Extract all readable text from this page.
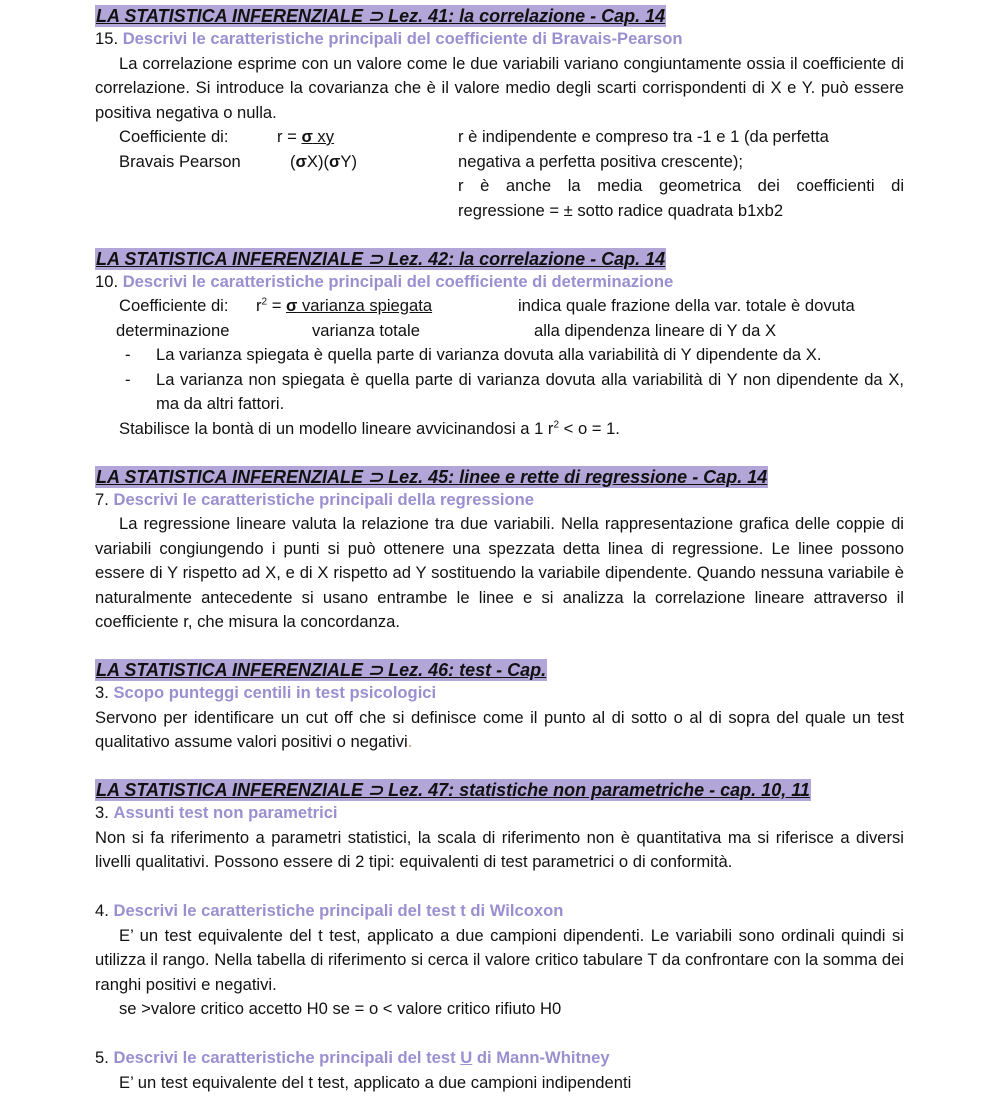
LA STATISTICA INFERENZIALE ⊃ Lez. 41: la correlazione - Cap. 14

15. Descrivi le caratteristiche principali del coefficiente di Bravais-Pearson

La correlazione esprime con un valore come le due variabili variano congiuntamente ossia il coefficiente di correlazione. Si introduce la covarianza che è il valore medio degli scarti corrispondenti di X e Y. può essere positiva negativa o nulla.

Coefficiente di:
Bravais Pearson
r = σ xy
(σX)(σY)
r è indipendente e compreso tra -1 e 1 (da perfetta
negativa a perfetta positiva crescente);
r è anche la media geometrica dei coefficienti di
regressione = ± sotto radice quadrata b1xb2
LA STATISTICA INFERENZIALE ⊃ Lez. 42: la correlazione - Cap. 14

10. Descrivi le caratteristiche principali del coefficiente di determinazione

Coefficiente di:
determinazione
$r^2 = \sigma$ varianza spiegata
varianza totale
indica quale frazione della var. totale è dovuta
alla dipendenza lineare di Y da X
- La varianza spiegata è quella parte di varianza dovuta alla variabilità di Y dipendente da X.
- La varianza non spiegata è quella parte di varianza dovuta alla variabilità di Y non dipendente da X, ma da altri fattori.

Stabilisce la bontà di un modello lineare avvicinandosi a 1 $r^2 < o = 1$.

LA STATISTICA INFERENZIALE ⊃ Lez. 45: linee e rette di regressione - Cap. 14

7. Descrivi le caratteristiche principali della regressione

La regressione lineare valuta la relazione tra due variabili. Nella rappresentazione grafica delle coppie di variabili congiungendo i punti si può ottenere una spezzata detta linea di regressione. Le linee possono essere di Y rispetto ad X, e di X rispetto ad Y sostituendo la variabile dipendente. Quando nessuna variabile è naturalmente antecedente si usano entrambe le linee e si analizza la correlazione lineare attraverso il coefficiente r, che misura la concordanza.

LA STATISTICA INFERENZIALE ⊃ Lez. 46: test - Cap.

3. Scopo punteggi centili in test psicologici

Servono per identificare un cut off che si definisce come il punto al di sotto o al di sopra del quale un test qualitativo assume valori positivi o negativi.

LA STATISTICA INFERENZIALE ⊃ Lez. 47: statistiche non parametriche - cap. 10, 11

3. Assunti test non parametrici

Non si fa riferimento a parametri statistici, la scala di riferimento non è quantitativa ma si riferisce a diversi livelli qualitativi. Possono essere di 2 tipi: equivalenti di test parametrici o di conformità.

4. Descrivi le caratteristiche principali del test t di Wilcoxon

E’ un test equivalente del t test, applicato a due campioni dipendenti. Le variabili sono ordinali quindi si utilizza il rango. Nella tabella di riferimento si cerca il valore critico tabulare T da confrontare con la somma dei ranghi positivi e negativi.

se >valore critico accetto H0 se = o < valore critico rifiuto H0

5. Descrivi le caratteristiche principali del test U di Mann-Whitney

E’ un test equivalente del t test, applicato a due campioni indipendenti
